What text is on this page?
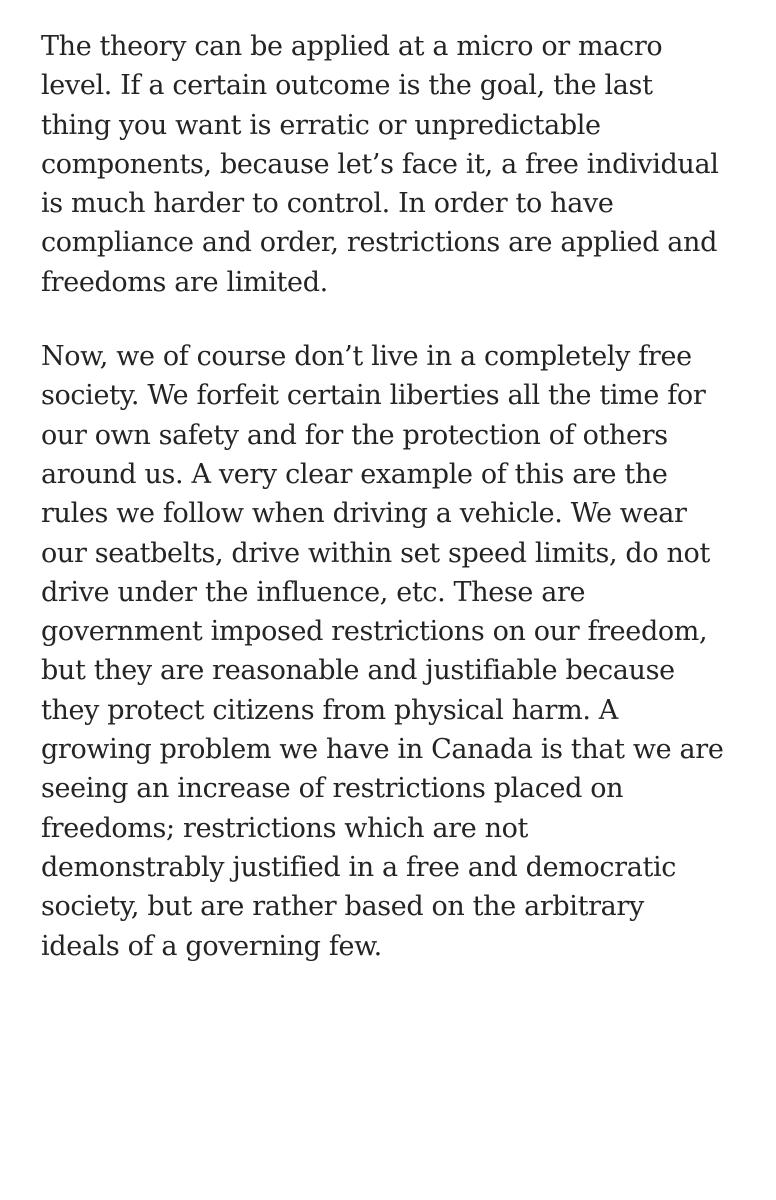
The theory can be applied at a micro or macro
level. If a certain outcome is the goal, the last
thing you want is erratic or unpredictable
components, because let’s face it, a free individual
is much harder to control. In order to have
compliance and order, restrictions are applied and
freedoms are limited.

Now, we of course don’t live in a completely free
society. We forfeit certain liberties all the time for
our own safety and for the protection of others
around us. A very clear example of this are the
rules we follow when driving a vehicle. We wear
our seatbelts, drive within set speed limits, do not
drive under the influence, etc. These are
government imposed restrictions on our freedom,
but they are reasonable and justifiable because
they protect citizens from physical harm. A
growing problem we have in Canada is that we are
seeing an increase of restrictions placed on
freedoms; restrictions which are not
demonstrably justified in a free and democratic
society, but are rather based on the arbitrary
ideals of a governing few.
